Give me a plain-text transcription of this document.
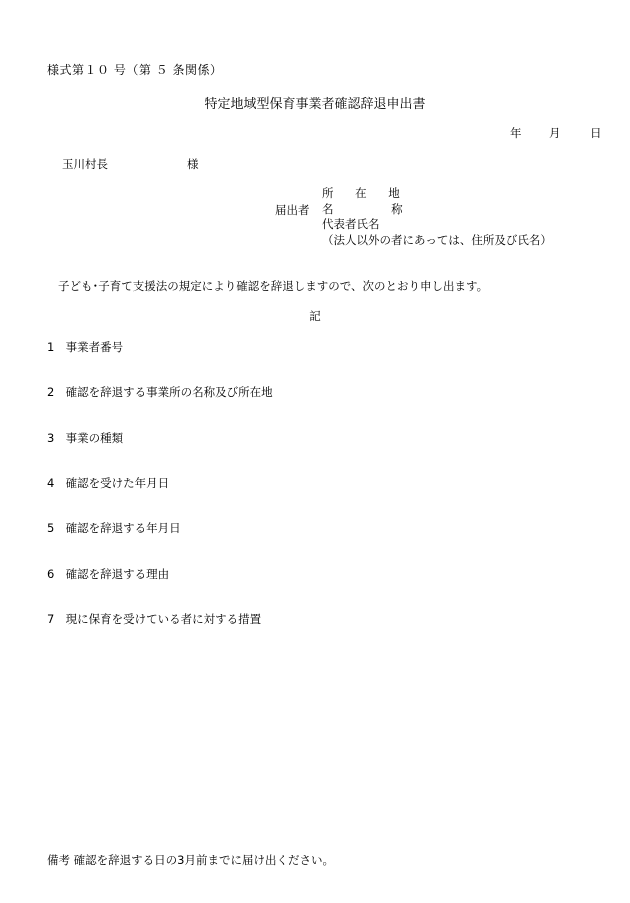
様式第１０ 号（第 ５ 条関係）
特定地域型保育事業者確認辞退申出書
年 月	日
玉川村長	様
届出者
所 在 地
名 称
代表者氏名
（法人以外の者にあっては、住所及び氏名）
子ども･子育て支援法の規定により確認を辞退しますので、次のとおり申し出ます。
記
1 事業者番号
2 確認を辞退する事業所の名称及び所在地
3 事業の種類
4 確認を受けた年月日
5 確認を辞退する年月日
6 確認を辞退する理由
7 現に保育を受けている者に対する措置
備考 確認を辞退する日の3月前までに届け出ください。
